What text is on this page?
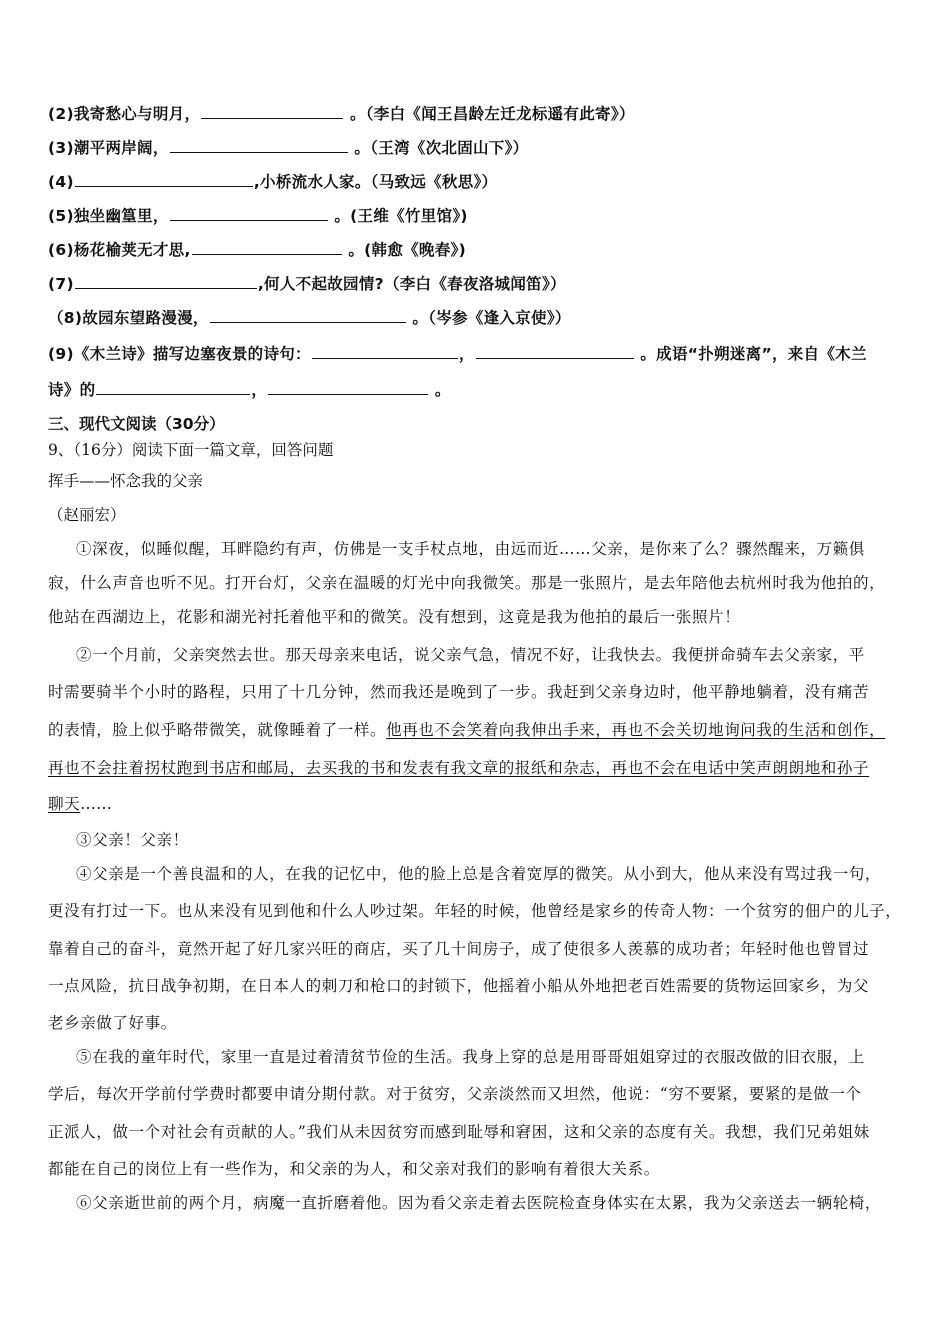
(2)我寄愁心与明月，	。（李白《闻王昌龄左迁龙标遥有此寄》）
(3)潮平两岸阔，	。（王湾《次北固山下》）
(4)	,小桥流水人家。（马致远《秋思》）
(5)独坐幽篁里，	。(王维《竹里馆》)
(6)杨花榆荚无才思,	。(韩愈《晚春》)
(7)	,何人不起故园情?（李白《春夜洛城闻笛》）
（8)故园东望路漫漫，	。（岑参《逢入京使》）
(9)《木兰诗》描写边塞夜景的诗句：	，	。成语“扑朔迷离”，来自《木兰
诗》的	，	。
三、现代文阅读（30分）
9、（16分）阅读下面一篇文章，回答问题
挥手——怀念我的父亲
（赵丽宏）
①深夜，似睡似醒，耳畔隐约有声，仿佛是一支手杖点地，由远而近……父亲，是你来了么？骤然醒来，万籁俱
寂，什么声音也听不见。打开台灯，父亲在温暖的灯光中向我微笑。那是一张照片，是去年陪他去杭州时我为他拍的，
他站在西湖边上，花影和湖光衬托着他平和的微笑。没有想到，这竟是我为他拍的最后一张照片！
②一个月前，父亲突然去世。那天母亲来电话，说父亲气急，情况不好，让我快去。我便拼命骑车去父亲家，平
时需要骑半个小时的路程，只用了十几分钟，然而我还是晚到了一步。我赶到父亲身边时，他平静地躺着，没有痛苦
的表情，脸上似乎略带微笑，就像睡着了一样。他再也不会笑着向我伸出手来，再也不会关切地询问我的生活和创作，
再也不会拄着拐杖跑到书店和邮局，去买我的书和发表有我文章的报纸和杂志，再也不会在电话中笑声朗朗地和孙子
聊天……
③父亲！父亲！
④父亲是一个善良温和的人，在我的记忆中，他的脸上总是含着宽厚的微笑。从小到大，他从来没有骂过我一句，
更没有打过一下。也从来没有见到他和什么人吵过架。年轻的时候，他曾经是家乡的传奇人物：一个贫穷的佃户的儿子，
靠着自己的奋斗，竟然开起了好几家兴旺的商店，买了几十间房子，成了使很多人羡慕的成功者；年轻时他也曾冒过
一点风险，抗日战争初期，在日本人的刺刀和枪口的封锁下，他摇着小船从外地把老百姓需要的货物运回家乡，为父
老乡亲做了好事。
⑤在我的童年时代，家里一直是过着清贫节俭的生活。我身上穿的总是用哥哥姐姐穿过的衣服改做的旧衣服，上
学后，每次开学前付学费时都要申请分期付款。对于贫穷，父亲淡然而又坦然，他说：“穷不要紧，要紧的是做一个
正派人，做一个对社会有贡献的人。”我们从未因贫穷而感到耻辱和窘困，这和父亲的态度有关。我想，我们兄弟姐妹
都能在自己的岗位上有一些作为，和父亲的为人，和父亲对我们的影响有着很大关系。
⑥父亲逝世前的两个月，病魔一直折磨着他。因为看父亲走着去医院检查身体实在太累，我为父亲送去一辆轮椅，
